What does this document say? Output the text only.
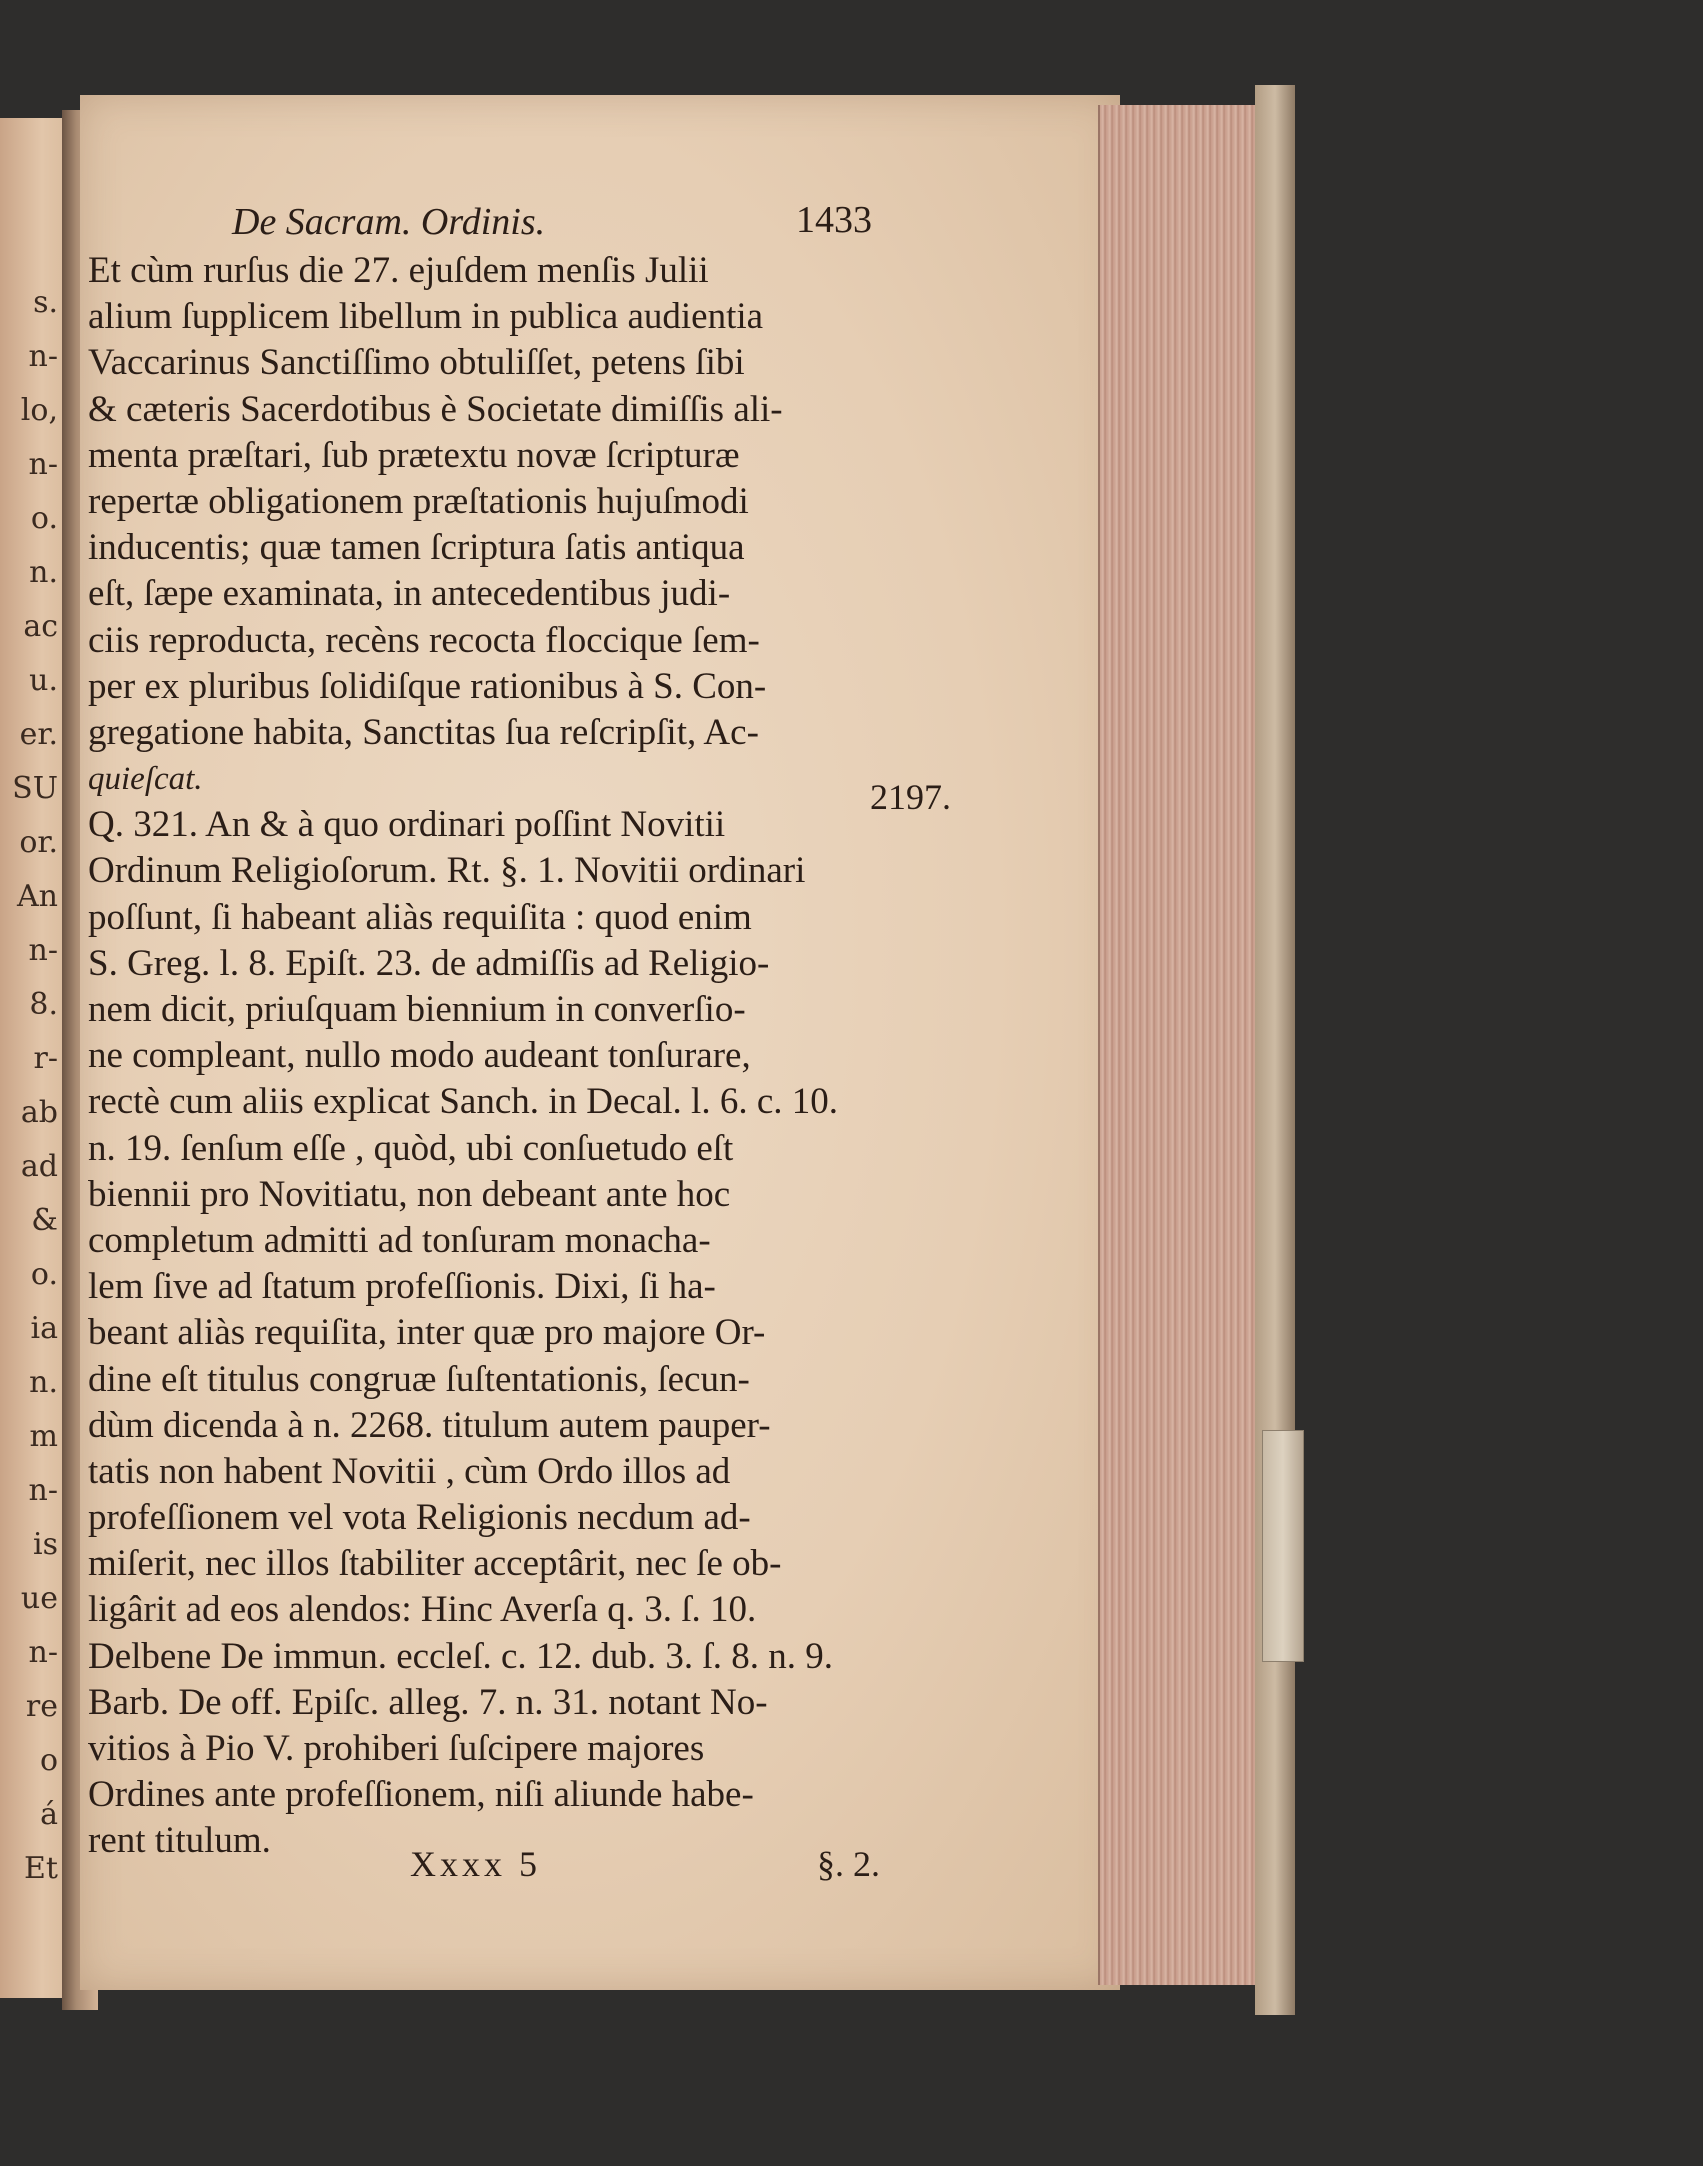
s.
n-
lo,
n-
o.
n.
ac
u.
er.
SU
or.
An
n-
8.
r-
ab
ad
&
o.
ia
n.
m
n-
is
ue
n-
re
o
á
Et
De Sacram. Ordinis.	1433
Et cùm rurſus die 27. ejuſdem menſis Julii
alium ſupplicem libellum in publica audientia
Vaccarinus Sanctiſſimo obtuliſſet, petens ſibi
& cæteris Sacerdotibus è Societate dimiſſis ali-
menta præſtari, ſub prætextu novæ ſcripturæ
repertæ obligationem præſtationis hujuſmodi
inducentis; quæ tamen ſcriptura ſatis antiqua
eſt, ſæpe examinata, in antecedentibus judi-
ciis reproducta, recèns recocta floccique ſem-
per ex pluribus ſolidiſque rationibus à S. Con-
gregatione habita, Sanctitas ſua reſcripſit, Ac-
quieſcat.
Q. 321. An & à quo ordinari poſſint Novitii
Ordinum Religioſorum. Rt. §. 1. Novitii ordinari
poſſunt, ſi habeant aliàs requiſita : quod enim
S. Greg. l. 8. Epiſt. 23. de admiſſis ad Religio-
nem dicit, priuſquam biennium in converſio-
ne compleant, nullo modo audeant tonſurare,
rectè cum aliis explicat Sanch. in Decal. l. 6. c. 10.
n. 19. ſenſum eſſe , quòd, ubi conſuetudo eſt
biennii pro Novitiatu, non debeant ante hoc
completum admitti ad tonſuram monacha-
lem ſive ad ſtatum profeſſionis. Dixi, ſi ha-
beant aliàs requiſita, inter quæ pro majore Or-
dine eſt titulus congruæ ſuſtentationis, ſecun-
dùm dicenda à n. 2268. titulum autem pauper-
tatis non habent Novitii , cùm Ordo illos ad
profeſſionem vel vota Religionis necdum ad-
miſerit, nec illos ſtabiliter acceptârit, nec ſe ob-
ligârit ad eos alendos: Hinc Averſa q. 3. ſ. 10.
Delbene De immun. eccleſ. c. 12. dub. 3. ſ. 8. n. 9.
Barb. De off. Epiſc. alleg. 7. n. 31. notant No-
vitios à Pio V. prohiberi ſuſcipere majores
Ordines ante profeſſionem, niſi aliunde habe-
rent titulum.
2197.
Xxxx 5	§. 2.
